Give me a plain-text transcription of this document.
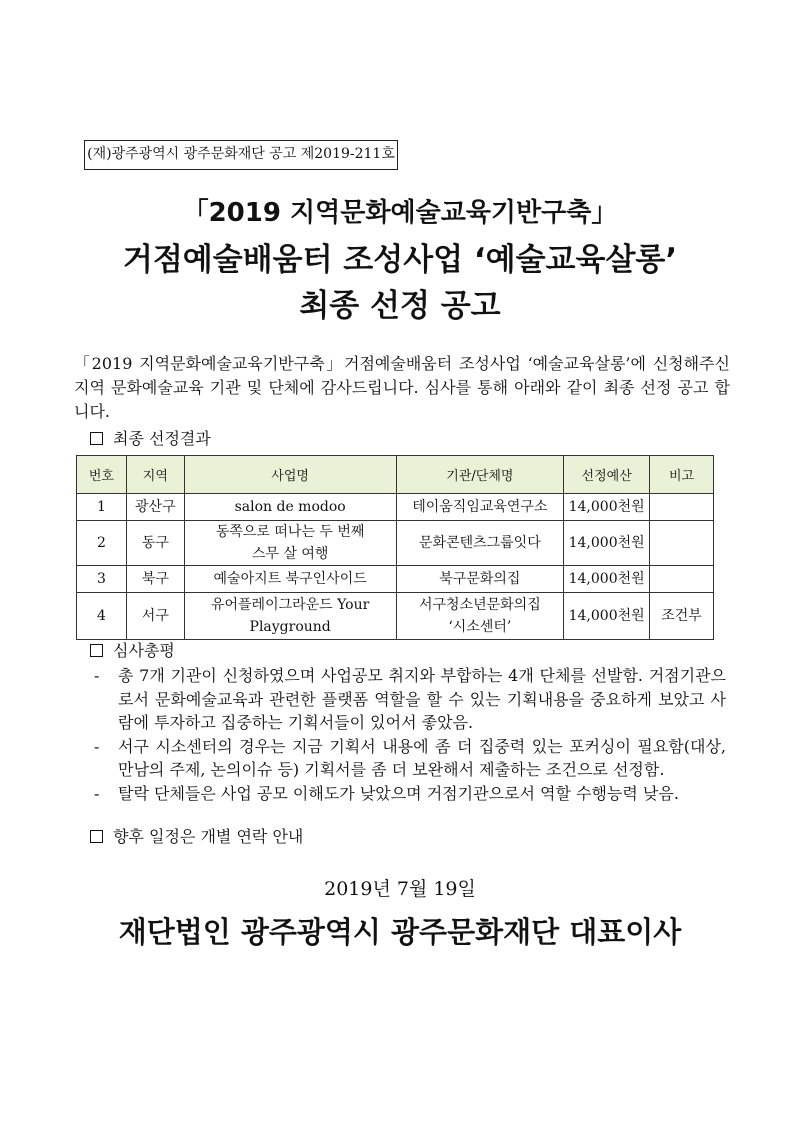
(재)광주광역시 광주문화재단 공고 제2019-211호
「2019 지역문화예술교육기반구축」
거점예술배움터 조성사업 ‘예술교육살롱’
최종 선정 공고
「2019 지역문화예술교육기반구축」거점예술배움터 조성사업 ‘예술교육살롱’에 신청해주신 지역 문화예술교육 기관 및 단체에 감사드립니다. 심사를 통해 아래와 같이 최종 선정 공고 합니다.
최종 선정결과
번호	지역	사업명	기관/단체명	선정예산	비고
1	광산구	salon de modoo	테이움직임교육연구소	14,000천원	
2	동구	동쪽으로 떠나는 두 번째 스무 살 여행	문화콘텐츠그룹잇다	14,000천원	
3	북구	예술아지트 북구인사이드	북구문화의집	14,000천원	
4	서구	유어플레이그라운드 Your Playground	서구청소년문화의집 ‘시소센터’	14,000천원	조건부
심사총평
-	총 7개 기관이 신청하였으며 사업공모 취지와 부합하는 4개 단체를 선발함. 거점기관으로서 문화예술교육과 관련한 플랫폼 역할을 할 수 있는 기획내용을 중요하게 보았고 사람에 투자하고 집중하는 기획서들이 있어서 좋았음.
-	서구 시소센터의 경우는 지금 기획서 내용에 좀 더 집중력 있는 포커싱이 필요함(대상, 만남의 주제, 논의이슈 등) 기획서를 좀 더 보완해서 제출하는 조건으로 선정함.
-	탈락 단체들은 사업 공모 이해도가 낮았으며 거점기관으로서 역할 수행능력 낮음.
향후 일정은 개별 연락 안내
2019년 7월 19일
재단법인 광주광역시 광주문화재단 대표이사
